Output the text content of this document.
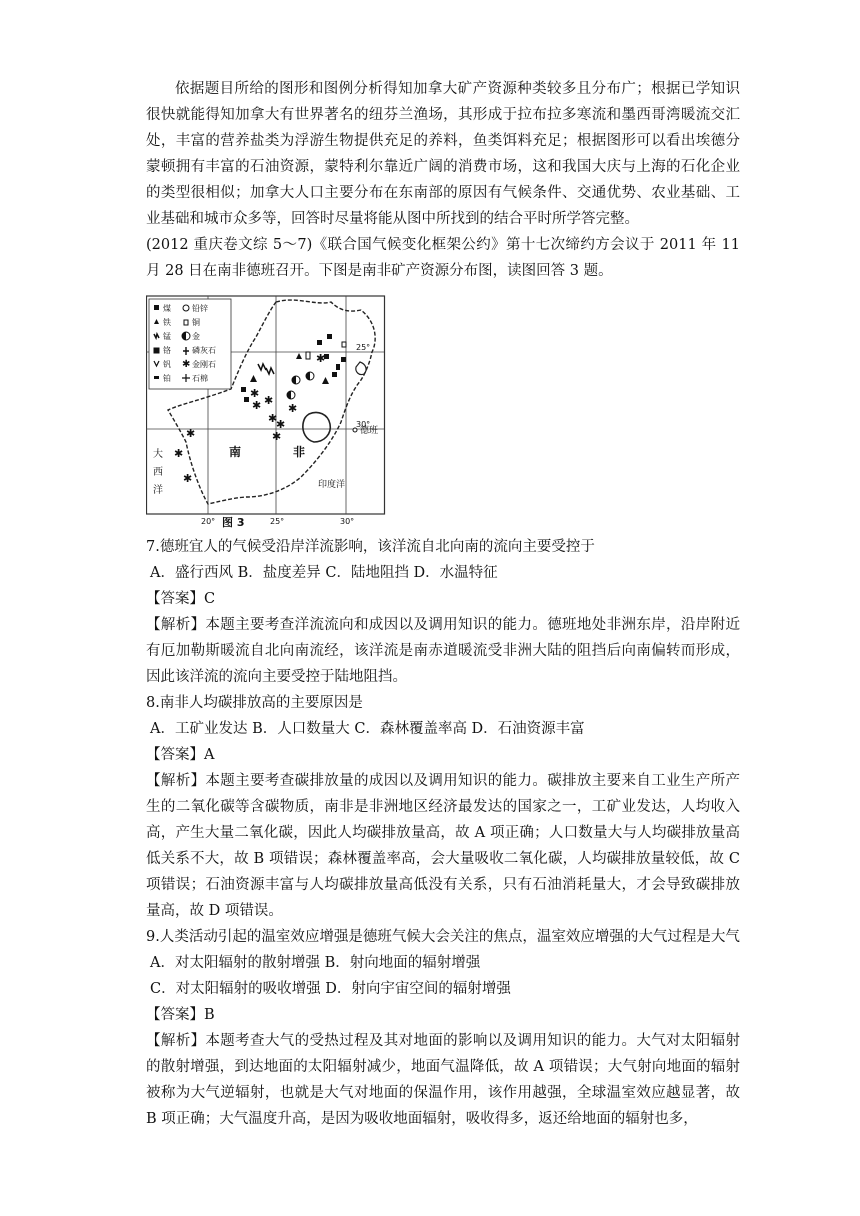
依据题目所给的图形和图例分析得知加拿大矿产资源种类较多且分布广；根据已学知识很快就能得知加拿大有世界著名的纽芬兰渔场，其形成于拉布拉多寒流和墨西哥湾暖流交汇处，丰富的营养盐类为浮游生物提供充足的养料，鱼类饵料充足；根据图形可以看出埃德分蒙顿拥有丰富的石油资源，蒙特利尔靠近广阔的消费市场，这和我国大庆与上海的石化企业的类型很相似；加拿大人口主要分布在东南部的原因有气候条件、交通优势、农业基础、工业基础和城市众多等，回答时尽量将能从图中所找到的结合平时所学答完整。

(2012 重庆卷文综 5～7)《联合国气候变化框架公约》第十七次缔约方会议于 2011 年 11 月 28 日在南非德班召开。下图是南非矿产资源分布图，读图回答 3 题。

煤	铅锌
铁	铜
锰	金
铬	磷灰石
钒 ✱ 金刚石
铂	石棉
✱
✱ ✱
✱
✱
✱
✱
✱
✱
✱
✱
德班
南	非
大
西
洋	印度洋
25°
30°
20°	25°	30°
图 3

7.德班宜人的气候受沿岸洋流影响，该洋流自北向南的流向主要受控于

A．盛行西风 B．盐度差异 C．陆地阻挡 D．水温特征

【答案】C

【解析】本题主要考查洋流流向和成因以及调用知识的能力。德班地处非洲东岸，沿岸附近有厄加勒斯暖流自北向南流经，该洋流是南赤道暖流受非洲大陆的阻挡后向南偏转而形成，因此该洋流的流向主要受控于陆地阻挡。

8.南非人均碳排放高的主要原因是

A．工矿业发达 B．人口数量大 C．森林覆盖率高 D．石油资源丰富

【答案】A

【解析】本题主要考查碳排放量的成因以及调用知识的能力。碳排放主要来自工业生产所产生的二氧化碳等含碳物质，南非是非洲地区经济最发达的国家之一，工矿业发达，人均收入高，产生大量二氧化碳，因此人均碳排放量高，故 A 项正确；人口数量大与人均碳排放量高低关系不大，故 B 项错误；森林覆盖率高，会大量吸收二氧化碳，人均碳排放量较低，故 C 项错误；石油资源丰富与人均碳排放量高低没有关系，只有石油消耗量大，才会导致碳排放量高，故 D 项错误。

9.人类活动引起的温室效应增强是德班气候大会关注的焦点，温室效应增强的大气过程是大气

A．对太阳辐射的散射增强 B．射向地面的辐射增强

C．对太阳辐射的吸收增强 D．射向宇宙空间的辐射增强

【答案】B

【解析】本题考查大气的受热过程及其对地面的影响以及调用知识的能力。大气对太阳辐射的散射增强，到达地面的太阳辐射减少，地面气温降低，故 A 项错误；大气射向地面的辐射被称为大气逆辐射，也就是大气对地面的保温作用，该作用越强，全球温室效应越显著，故 B 项正确；大气温度升高，是因为吸收地面辐射，吸收得多，返还给地面的辐射也多，
